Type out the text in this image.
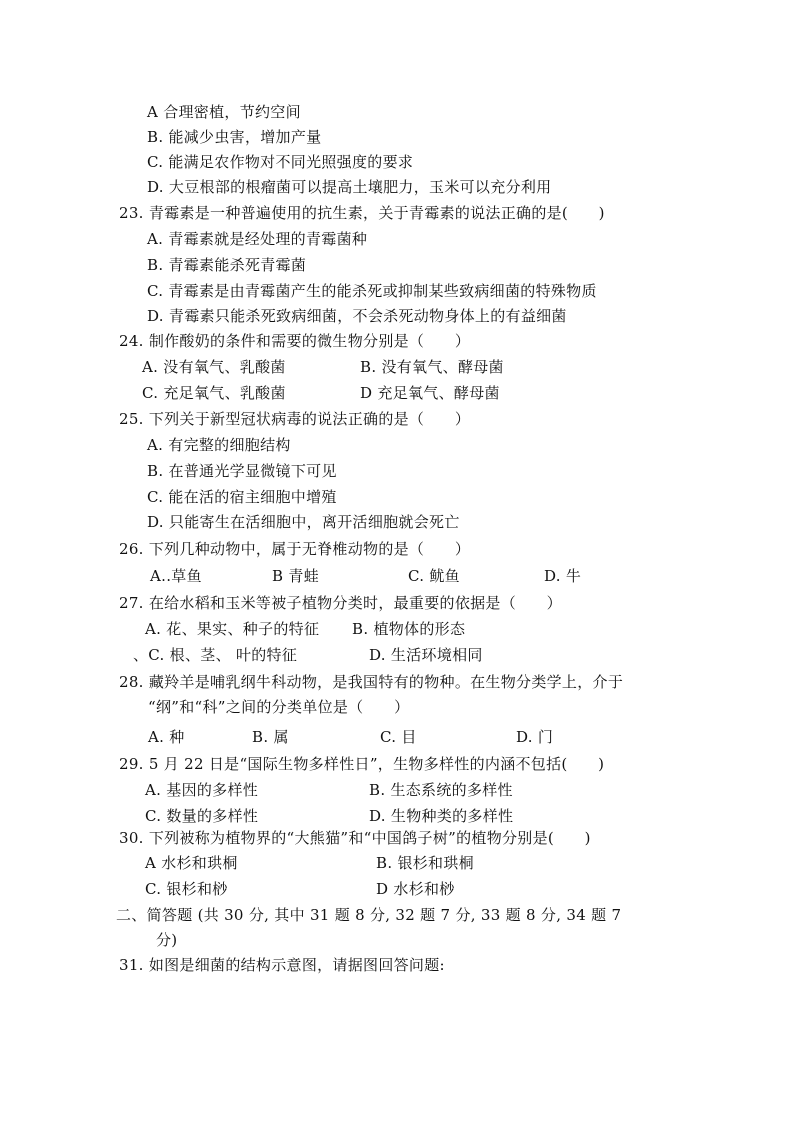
A 合理密植，节约空间
B. 能减少虫害，增加产量
C. 能满足农作物对不同光照强度的要求
D. 大豆根部的根瘤菌可以提高土壤肥力，玉米可以充分利用
23. 青霉素是一种普遍使用的抗生素，关于青霉素的说法正确的是(　　)
A. 青霉素就是经处理的青霉菌种
B. 青霉素能杀死青霉菌
C. 青霉素是由青霉菌产生的能杀死或抑制某些致病细菌的特殊物质
D. 青霉素只能杀死致病细菌，不会杀死动物身体上的有益细菌
24. 制作酸奶的条件和需要的微生物分别是（　　）
A. 没有氧气、乳酸菌	B. 没有氧气、酵母菌
C. 充足氧气、乳酸菌	D 充足氧气、酵母菌
25. 下列关于新型冠状病毒的说法正确的是（　　）
A. 有完整的细胞结构
B. 在普通光学显微镜下可见
C. 能在活的宿主细胞中增殖
D. 只能寄生在活细胞中，离开活细胞就会死亡
26. 下列几种动物中，属于无脊椎动物的是（　　）
A..草鱼	B 青蛙	C. 鱿鱼	D. 牛
27. 在给水稻和玉米等被子植物分类时，最重要的依据是（　　）
A. 花、果实、种子的特征 B. 植物体的形态
、C. 根、茎、 叶的特征	D. 生活环境相同
28. 藏羚羊是哺乳纲牛科动物，是我国特有的物种。在生物分类学上，介于
“纲”和“科”之间的分类单位是（　　）
A. 种	B. 属	C. 目	D. 门
29. 5 月 22 日是“国际生物多样性日”，生物多样性的内涵不包括(　　)
A. 基因的多样性	B. 生态系统的多样性
C. 数量的多样性	D. 生物种类的多样性
30. 下列被称为植物界的“大熊猫”和“中国鸽子树”的植物分别是(　　)
A 水杉和珙桐	B. 银杉和珙桐
C. 银杉和桫	D 水杉和桫
二、简答题 (共 30 分, 其中 31 题 8 分, 32 题 7 分, 33 题 8 分, 34 题 7
分)
31. 如图是细菌的结构示意图，请据图回答问题:
